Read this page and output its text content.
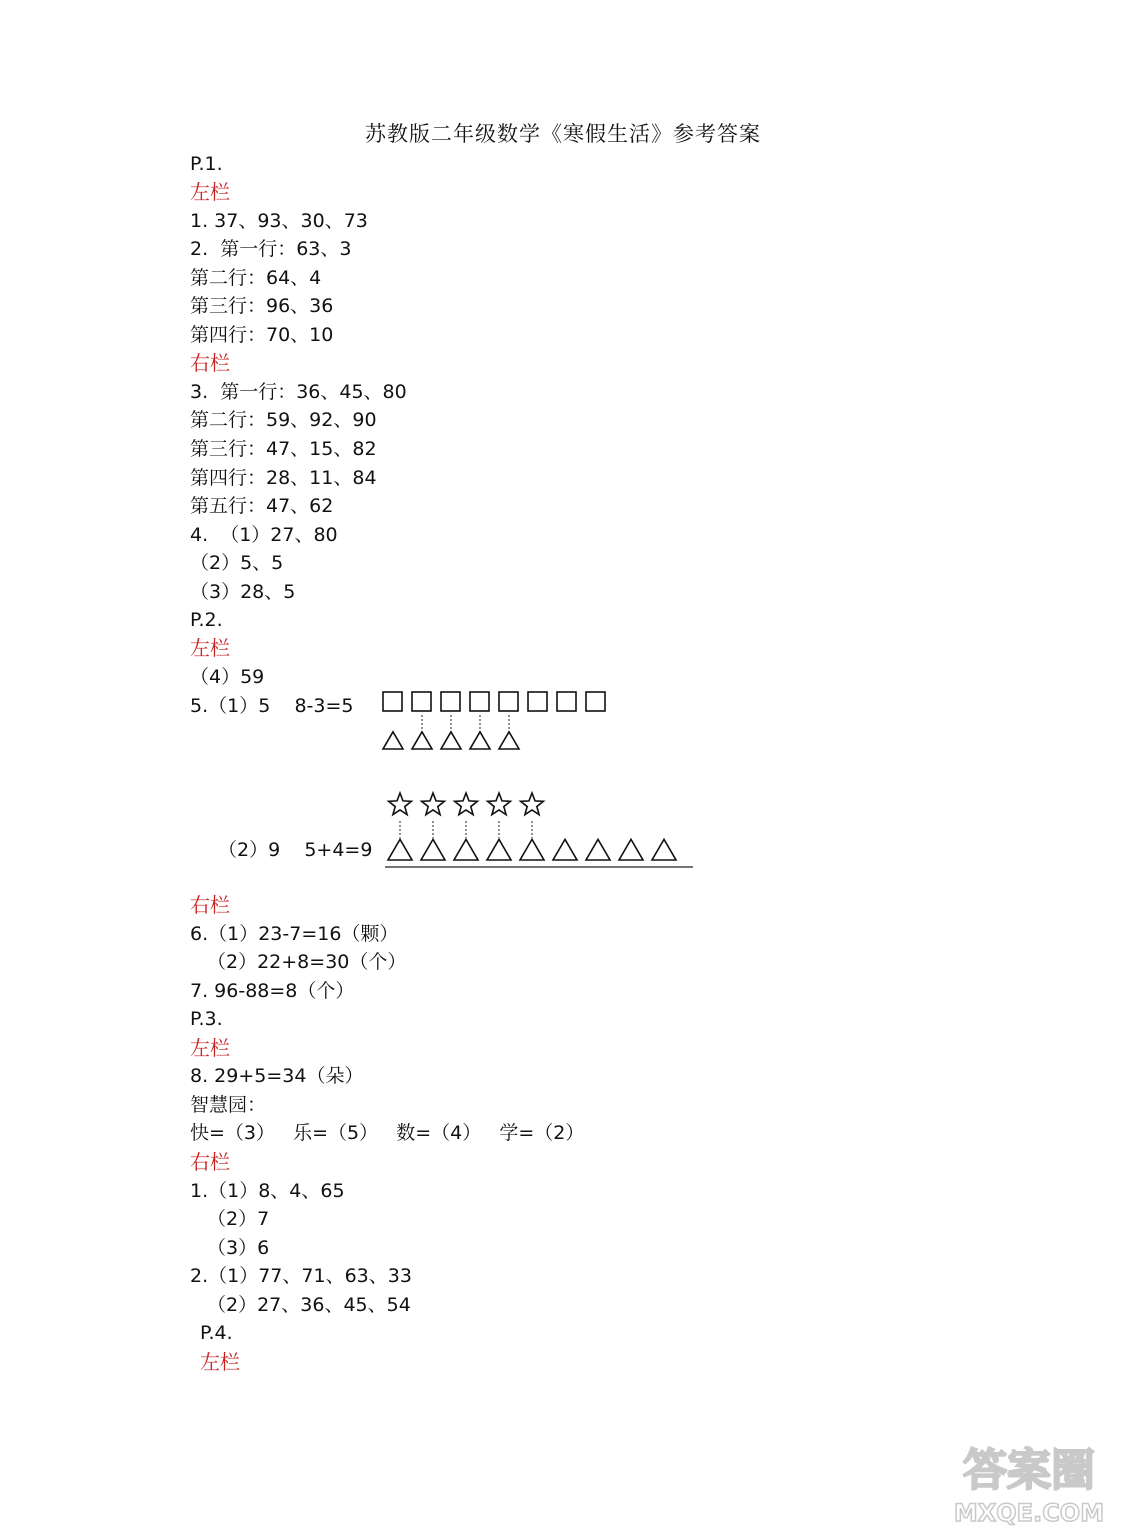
苏教版二年级数学《寒假生活》参考答案
P.1.
左栏
1. 37、93、30、73
2.  第一行：63、3
第二行：64、4
第三行：96、36
第四行：70、10
右栏
3.  第一行：36、45、80
第二行：59、92、90
第三行：47、15、82
第四行：28、11、84
第五行：47、62
4.  （1）27、80
（2）5、5
（3）28、5
P.2.
左栏
（4）59
5.（1）5    8-3=5
（2）9    5+4=9
右栏
6.（1）23-7=16（颗）
（2）22+8=30（个）
7. 96-88=8（个）
P.3.
左栏
8. 29+5=34（朵）
智慧园：
快=（3）   乐=（5）   数=（4）   学=（2）
右栏
1.（1）8、4、65
（2）7
（3）6
2.（1）77、71、63、33
（2）27、36、45、54
P.4.
左栏
答案圈
MXQE.COM
